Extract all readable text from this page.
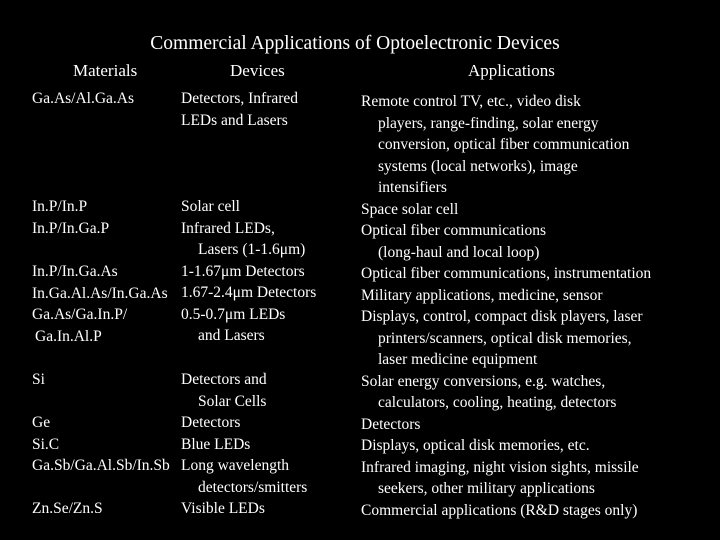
Commercial Applications of Optoelectronic Devices
Materials	Devices	Applications
Ga.As/Al.Ga.As
In.P/In.P
In.P/In.Ga.P
In.P/In.Ga.As
In.Ga.Al.As/In.Ga.As
Ga.As/Ga.In.P/
Ga.In.Al.P
Si
Ge
Si.C
Ga.Sb/Ga.Al.Sb/In.Sb
Zn.Se/Zn.S
Detectors, Infrared
LEDs and Lasers
Solar cell
Infrared LEDs,
Lasers (1-1.6μm)
1-1.67μm Detectors
1.67-2.4μm Detectors
0.5-0.7μm LEDs
and Lasers
Detectors and
Solar Cells
Detectors
Blue LEDs
Long wavelength
detectors/smitters
Visible LEDs
Remote control TV, etc., video disk
players, range-finding, solar energy
conversion, optical fiber communication
systems (local networks), image
intensifiers
Space solar cell
Optical fiber communications
(long-haul and local loop)
Optical fiber communications, instrumentation
Military applications, medicine, sensor
Displays, control, compact disk players, laser
printers/scanners, optical disk memories,
laser medicine equipment
Solar energy conversions, e.g. watches,
calculators, cooling, heating, detectors
Detectors
Displays, optical disk memories, etc.
Infrared imaging, night vision sights, missile
seekers, other military applications
Commercial applications (R&D stages only)
